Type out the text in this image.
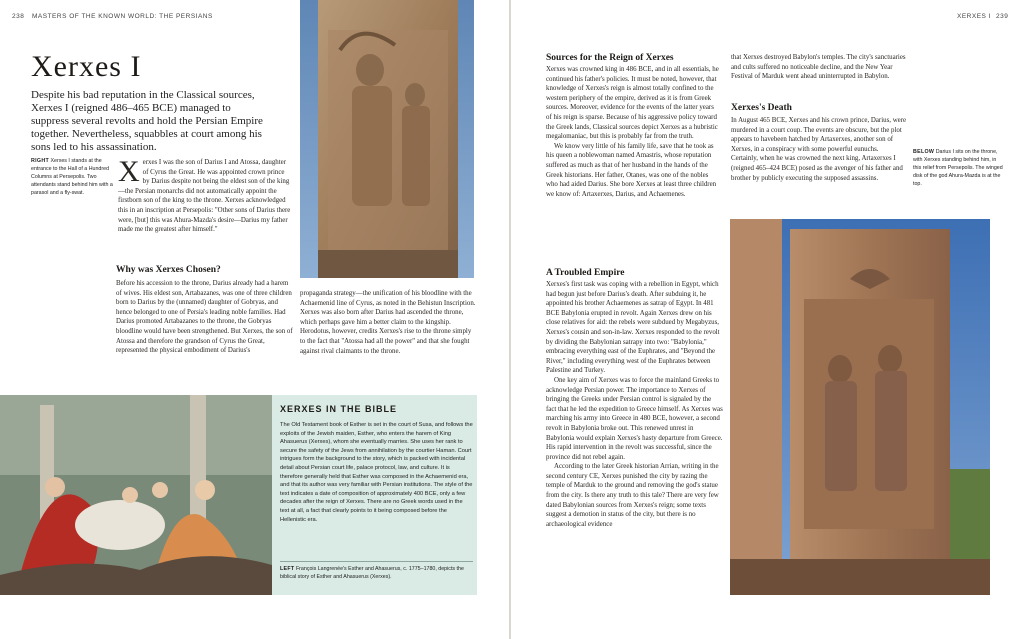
238 MASTERS OF THE KNOWN WORLD: THE PERSIANS
Xerxes I
Despite his bad reputation in the Classical sources, Xerxes I (reigned 486–465 BCE) managed to suppress several revolts and hold the Persian Empire together. Nevertheless, squabbles at court among his sons led to his assassination.
RIGHT Xerxes I stands at the entrance to the Hall of a Hundred Columns at Persepolis. Two attendants stand behind him with a parasol and a fly-swat.

Xerxes I was the son of Darius I and Atossa, daughter of Cyrus the Great. He was appointed crown prince by Darius despite not being the eldest son of the king—the Persian monarchs did not automatically appoint the firstborn son of the king to the throne. Xerxes acknowledged this in an inscription at Persepolis: "Other sons of Darius there were, [but] this was Ahura-Mazda's desire—Darius my father made me the greatest after himself."

Why was Xerxes Chosen?

Before his accession to the throne, Darius already had a harem of wives. His eldest son, Artabazanes, was one of three children born to Darius by the (unnamed) daughter of Gobryas, and hence belonged to one of Persia's leading noble families. Had Darius promoted Artabazanes to the throne, the Gobryas bloodline would have been strengthened. But Xerxes, the son of Atossa and therefore the grandson of Cyrus the Great, represented the physical embodiment of Darius's

propaganda strategy—the unification of his bloodline with the Achaemenid line of Cyrus, as noted in the Behistun Inscription. Xerxes was also born after Darius had ascended the throne, which perhaps gave him a better claim to the kingship. Herodotus, however, credits Xerxes's rise to the throne simply to the fact that "Atossa had all the power" and that she fought against rival claimants to the throne.

XERXES IN THE BIBLE
The Old Testament book of Esther is set in the court of Susa, and follows the exploits of the Jewish maiden, Esther, who enters the harem of King Ahasuerus (Xerxes), whom she eventually marries. She uses her rank to secure the safety of the Jews from annihilation by the courtier Haman. Court intrigues form the background to the story, which is packed with incidental detail about Persian court life, palace protocol, law, and culture. It is therefore generally held that Esther was composed in the Achaemenid era, and that its author was very familiar with Persian institutions. The style of the text indicates a date of composition of approximately 400 BCE, only a few decades after the reign of Xerxes. There are no Greek words used in the text at all, a fact that clearly points to it being composed before the Hellenistic era.
LEFT François Langrenée's Esther and Ahasuerus, c. 1775–1780, depicts the biblical story of Esther and Ahasuerus (Xerxes).
XERXES I 239
Sources for the Reign of Xerxes

Xerxes was crowned king in 486 BCE, and in all essentials, he continued his father's policies. It must be noted, however, that knowledge of Xerxes's reign is almost totally confined to the western periphery of the empire, derived as it is from Greek sources. Moreover, evidence for the events of the latter years of his reign is sparse. Because of his aggressive policy toward the Greek lands, Classical sources depict Xerxes as a hubristic megalomaniac, but this is probably far from the truth.

We know very little of his family life, save that he took as his queen a noblewoman named Amastris, whose reputation suffered as much as that of her husband in the hands of the Greek historians. Her father, Otanes, was one of the nobles who had aided Darius. She bore Xerxes at least three children we know of: Artaxerxes, Darius, and Achaemenes.

A Troubled Empire

Xerxes's first task was coping with a rebellion in Egypt, which had begun just before Darius's death. After subduing it, he appointed his brother Achaemenes as satrap of Egypt. In 481 BCE Babylonia erupted in revolt. Again Xerxes drew on his close relatives for aid: the rebels were subdued by Megabyzus, Xerxes's cousin and son-in-law. Xerxes responded to the revolt by dividing the Babylonian satrapy into two: "Babylonia," embracing everything east of the Euphrates, and "Beyond the River," including everything west of the Euphrates between Palestine and Turkey.

One key aim of Xerxes was to force the mainland Greeks to acknowledge Persian power. The importance to Xerxes of bringing the Greeks under Persian control is signaled by the fact that he led the expedition to Greece himself. As Xerxes was marching his army into Greece in 480 BCE, however, a second revolt in Babylonia broke out. This renewed unrest in Babylonia would explain Xerxes's hasty departure from Greece. His rapid intervention in the revolt was successful, since the province did not rebel again.

According to the later Greek historian Arrian, writing in the second century CE, Xerxes punished the city by razing the temple of Marduk to the ground and removing the god's statue from the city. Is there any truth to this tale? There are very few dated Babylonian sources from Xerxes's reign; some texts suggest a demotion in status of the city, but there is no archaeological evidence

that Xerxes destroyed Babylon's temples. The city's sanctuaries and cults suffered no noticeable decline, and the New Year Festival of Marduk went ahead uninterrupted in Babylon.

Xerxes's Death

In August 465 BCE, Xerxes and his crown prince, Darius, were murdered in a court coup. The events are obscure, but the plot appears to havebeen hatched by Artaxerxes, another son of Xerxes, in a conspiracy with some powerful eunuchs. Certainly, when he was crowned the next king, Artaxerxes I (reigned 465–424 BCE) posed as the avenger of his father and brother by publicly executing the supposed assassins.

BELOW Darius I sits on the throne, with Xerxes standing behind him, in this relief from Persepolis. The winged disk of the god Ahura-Mazda is at the top.
